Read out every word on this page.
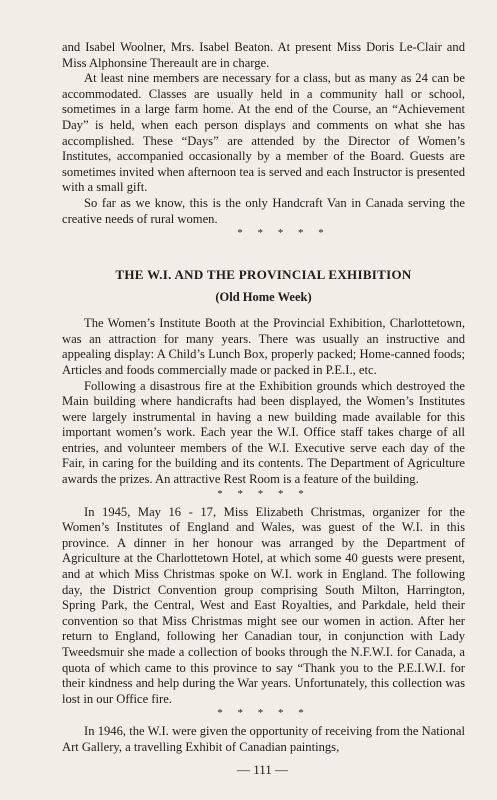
and Isabel Woolner, Mrs. Isabel Beaton. At present Miss Doris Le-Clair and Miss Alphonsine Thereault are in charge.

At least nine members are necessary for a class, but as many as 24 can be accommodated. Classes are usually held in a community hall or school, sometimes in a large farm home. At the end of the Course, an “Achievement Day” is held, when each person displays and comments on what she has accomplished. These “Days” are attended by the Director of Women’s Institutes, accompanied occasionally by a member of the Board. Guests are sometimes invited when afternoon tea is served and each Instructor is presented with a small gift.

So far as we know, this is the only Handcraft Van in Canada serving the creative needs of rural women.

* * * * *
THE W.I. AND THE PROVINCIAL EXHIBITION
(Old Home Week)

The Women’s Institute Booth at the Provincial Exhibition, Charlottetown, was an attraction for many years. There was usually an instructive and appealing display: A Child’s Lunch Box, properly packed; Home-canned foods; Articles and foods commercially made or packed in P.E.I., etc.

Following a disastrous fire at the Exhibition grounds which destroyed the Main building where handicrafts had been displayed, the Women’s Institutes were largely instrumental in having a new building made available for this important women’s work. Each year the W.I. Office staff takes charge of all entries, and volunteer members of the W.I. Executive serve each day of the Fair, in caring for the building and its contents. The Department of Agriculture awards the prizes. An attractive Rest Room is a feature of the building.

* * * * *

In 1945, May 16 - 17, Miss Elizabeth Christmas, organizer for the Women’s Institutes of England and Wales, was guest of the W.I. in this province. A dinner in her honour was arranged by the Department of Agriculture at the Charlottetown Hotel, at which some 40 guests were present, and at which Miss Christmas spoke on W.I. work in England. The following day, the District Convention group comprising South Milton, Harrington, Spring Park, the Central, West and East Royalties, and Parkdale, held their convention so that Miss Christmas might see our women in action. After her return to England, following her Canadian tour, in conjunction with Lady Tweedsmuir she made a collection of books through the N.F.W.I. for Canada, a quota of which came to this province to say “Thank you to the P.E.I.W.I. for their kindness and help during the War years. Unfortunately, this collection was lost in our Office fire.

* * * * *

In 1946, the W.I. were given the opportunity of receiving from the National Art Gallery, a travelling Exhibit of Canadian paintings,

— 111 —
